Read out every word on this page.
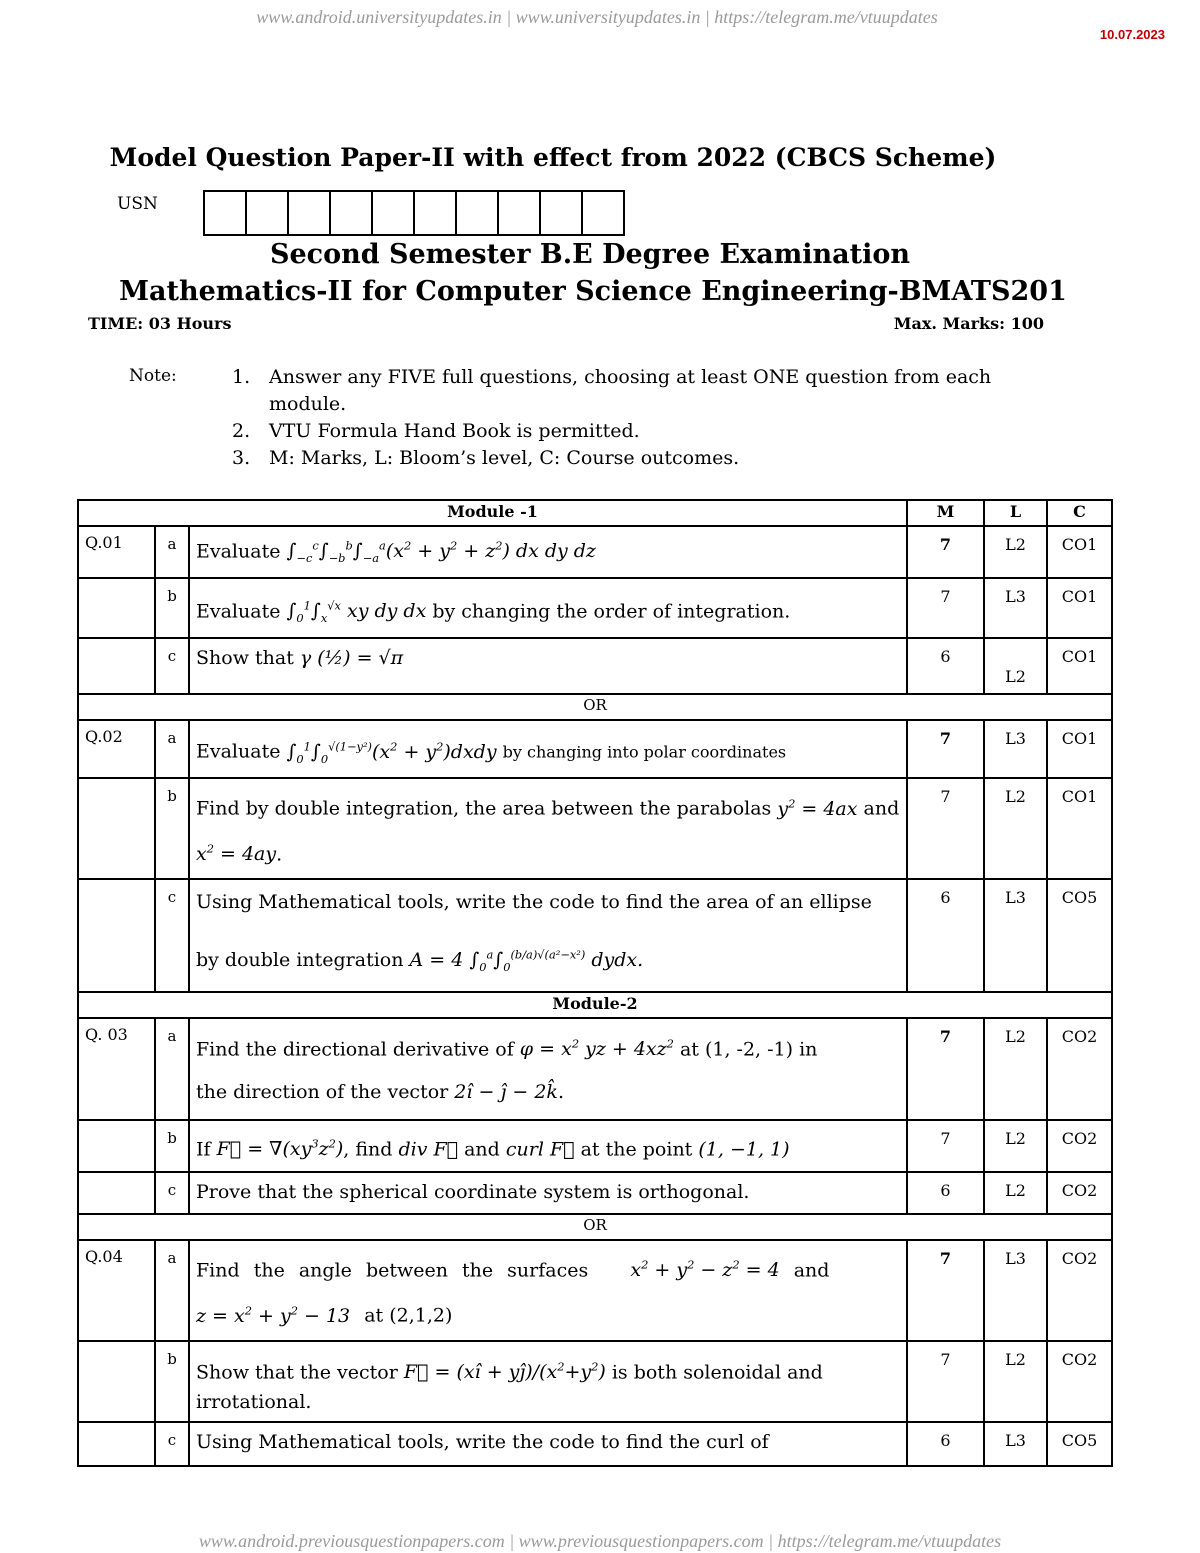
www.android.universityupdates.in | www.universityupdates.in | https://telegram.me/vtuupdates
10.07.2023
Model Question Paper-II with effect from 2022 (CBCS Scheme)
USN
Second Semester B.E Degree Examination
Mathematics-II for Computer Science Engineering-BMATS201
TIME: 03 Hours	Max. Marks: 100
Note:	1. Answer any FIVE full questions, choosing at least ONE question from each module.
2. VTU Formula Hand Book is permitted.
3. M: Marks, L: Bloom’s level, C: Course outcomes.
Module -1			M	L	C
Q.01	a	Evaluate $\int_{-c}^c\int_{-b}^b\int_{-a}^a(x^2 + y^2 + z^2)$ dx dy dz	7	L2	CO1
	b	Evaluate $\int_0^1\int_x^{√x}$ xy dy dx by changing the order of integration.	7	L3	CO1
	c	Show that γ (½) = √π	6	L2	CO1
OR					
Q.02	a	Evaluate $\int_0^1\int_0^{√(1-y^2)}(x^2$ + $y^2)dxdy$ by changing into polar coordinates	7	L3	CO1
	b	Find by double integration, the area between the parabolas $y^2 = 4ax$ and $x^2 = 4ay$.	7	L2	CO1
	c	Using Mathematical tools, write the code to find the area of an ellipse
by double integration A = 4 $\int_0^a\int_0^{(b/a)√(a^2-x^2)}$ dydx.	6	L3	CO5
Module-2					
Q. 03	a	Find the directional derivative of $\varphi = x^2$ yz + $4xz^2$ at (1, -2, -1) in
the direction of the vector 2î − ĵ − 2k̂.	7	L2	CO2
	b	If F⃗ = $\nabla(xy^3z^2)$, find div F⃗ and curl F⃗ at the point (1, −1, 1)	7	L2	CO2
	c	Prove that the spherical coordinate system is orthogonal.	6	L2	CO2
OR					
Q.04	a	Find the angle between the surfaces $x^2 + y^2 - z^2 = 4$ and
$z = x^2 + y^2 - 13$ at (2,1,2)	7	L3	CO2
	b	Show that the vector F⃗ = (xî + $yĵ)/(x^2+y^2)$ is both solenoidal and irrotational.	7	L2	CO2
	c	Using Mathematical tools, write the code to find the curl of	6	L3	CO5
www.android.previousquestionpapers.com | www.previousquestionpapers.com | https://telegram.me/vtuupdates
